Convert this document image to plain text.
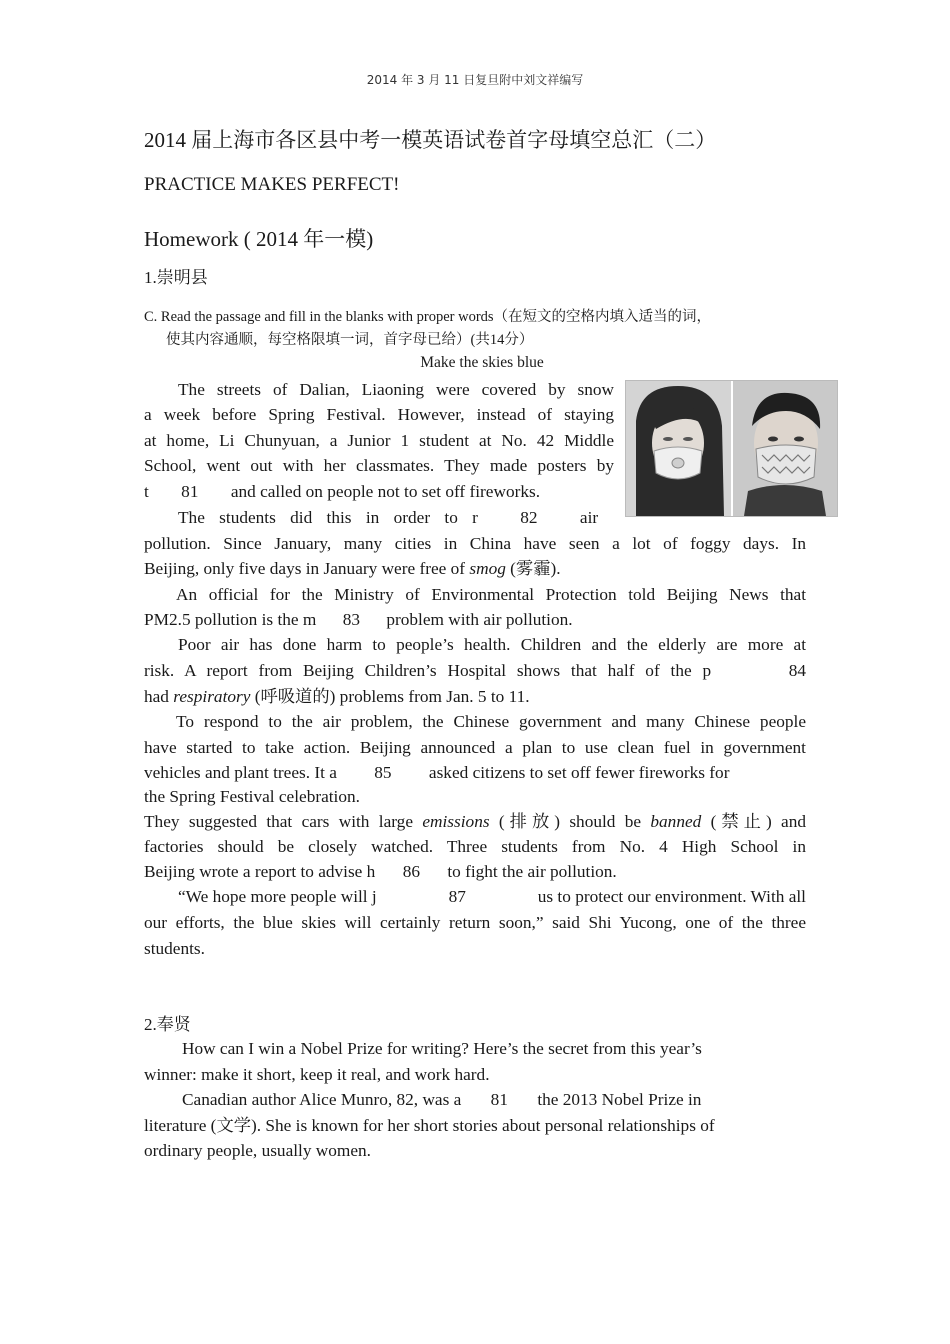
2014 年 3 月 11 日复旦附中刘文祥编写
2014 届上海市各区县中考一模英语试卷首字母填空总汇（二）
PRACTICE MAKES PERFECT!
Homework ( 2014 年一模)
1.崇明县
C. Read the passage and fill in the blanks with proper words（在短文的空格内填入适当的词，
使其内容通顺，每空格限填一词，首字母已给）(共14分）
Make the skies blue
The streets of Dalian, Liaoning were covered by snow
a week before Spring Festival. However, instead of staying
at home, Li Chunyuan, a Junior 1 student at No. 42 Middle
School, went out with her classmates. They made posters by
t 81 and called on people not to set off fireworks.
The students did this in order to r 82 air
pollution. Since January, many cities in China have seen a lot of foggy days. In
Beijing, only five days in January were free of smog (雾霾).
An official for the Ministry of Environmental Protection told Beijing News that
PM2.5 pollution is the m 83 problem with air pollution.
Poor air has done harm to people’s health. Children and the elderly are more at
risk. A report from Beijing Children’s Hospital shows that half of the p	84
had respiratory (呼吸道的) problems from Jan. 5 to 11.
To respond to the air problem, the Chinese government and many Chinese people
have started to take action. Beijing announced a plan to use clean fuel in government
vehicles and plant trees. It a 85 asked citizens to set off fewer fireworks for
the Spring Festival celebration.
They suggested that cars with large emissions (排放) should be banned (禁止) and
factories should be closely watched. Three students from No. 4 High School in
Beijing wrote a report to advise h 86 to fight the air pollution.
“We hope more people will j	87	us to protect our environment. With all
our efforts, the blue skies will certainly return soon,” said Shi Yucong, one of the three
students.
2.奉贤
How can I win a Nobel Prize for writing? Here’s the secret from this year’s
winner: make it short, keep it real, and work hard.
Canadian author Alice Munro, 82, was a 81 the 2013 Nobel Prize in
literature (文学). She is known for her short stories about personal relationships of
ordinary people, usually women.
